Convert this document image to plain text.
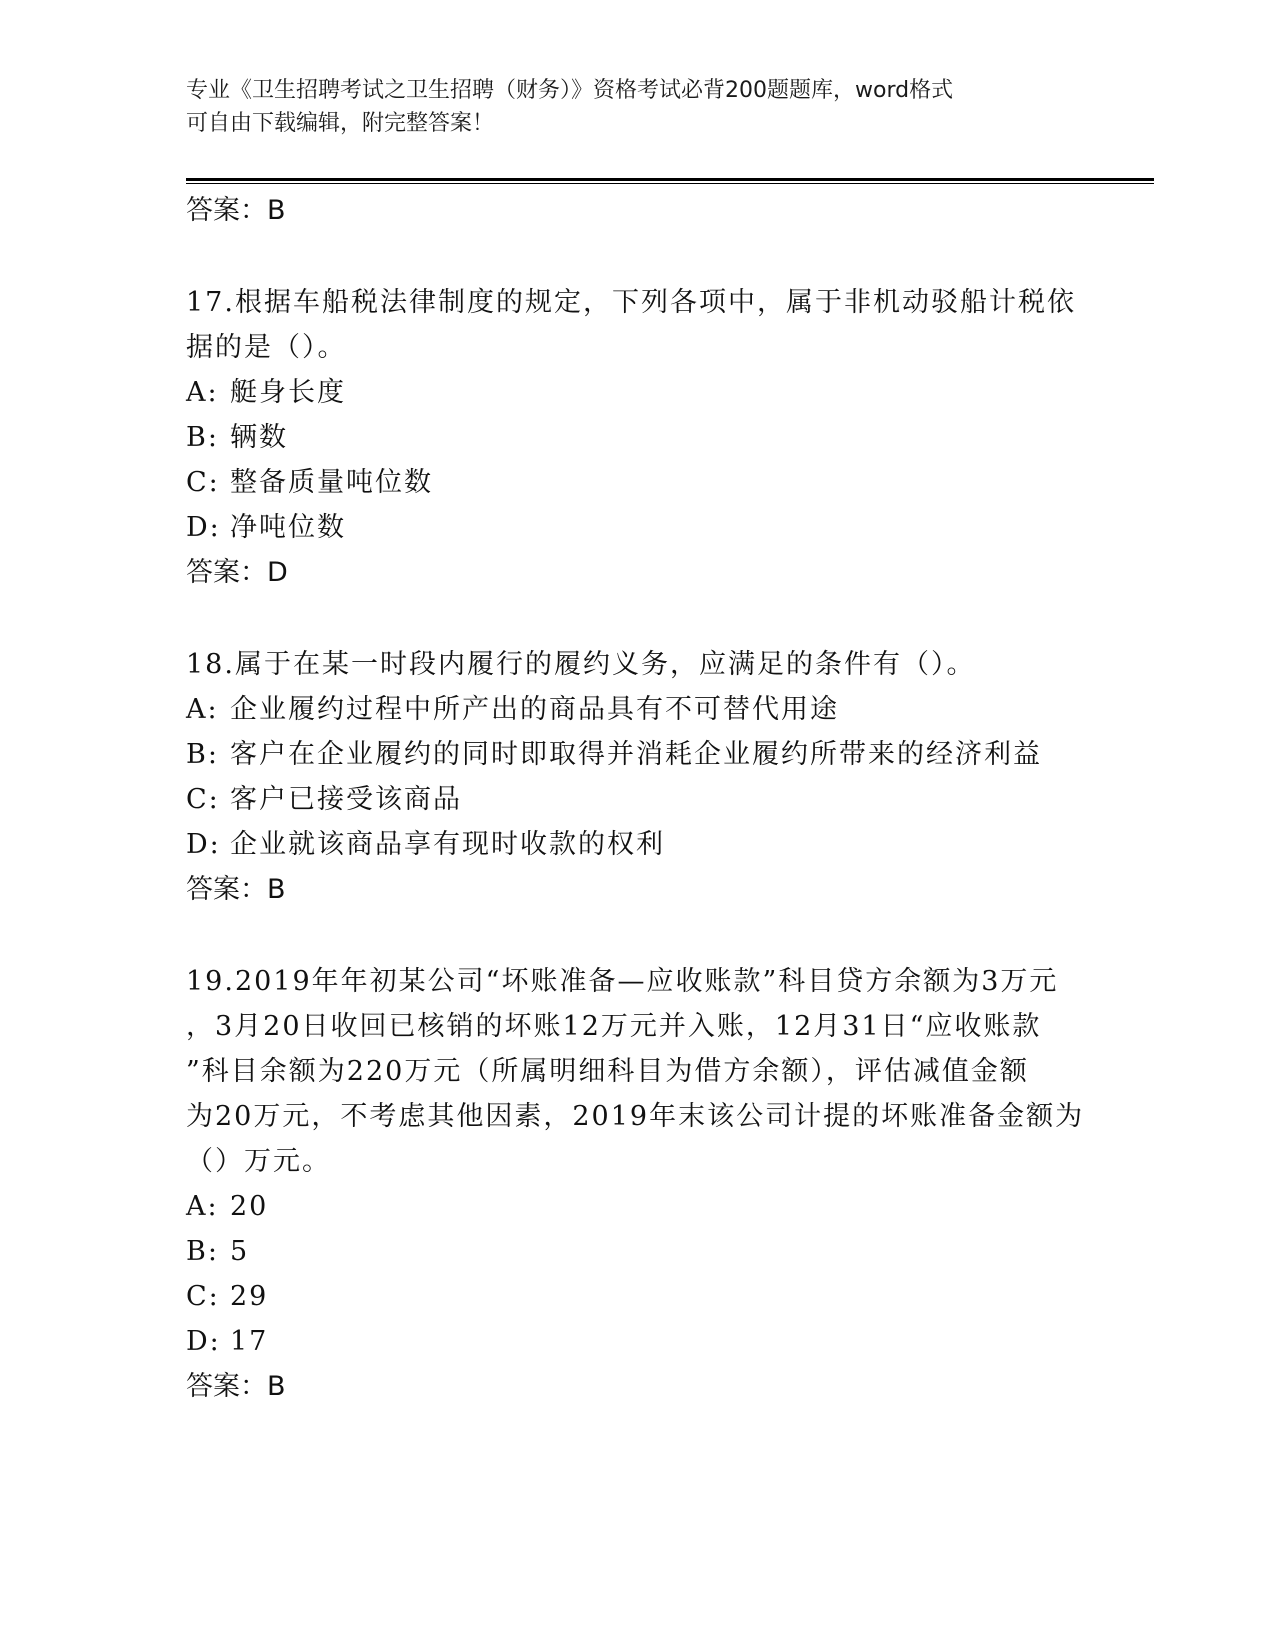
专业《卫生招聘考试之卫生招聘（财务）》资格考试必背200题题库，word格式
可自由下载编辑，附完整答案！
答案：B
17.根据车船税法律制度的规定，下列各项中，属于非机动驳船计税依
据的是（）。
A: 艇身长度
B: 辆数
C: 整备质量吨位数
D: 净吨位数
答案：D
18.属于在某一时段内履行的履约义务，应满足的条件有（）。
A: 企业履约过程中所产出的商品具有不可替代用途
B: 客户在企业履约的同时即取得并消耗企业履约所带来的经济利益
C: 客户已接受该商品
D: 企业就该商品享有现时收款的权利
答案：B
19.2019年年初某公司“坏账准备—应收账款”科目贷方余额为3万元
，3月20日收回已核销的坏账12万元并入账，12月31日“应收账款
”科目余额为220万元（所属明细科目为借方余额），评估减值金额
为20万元，不考虑其他因素，2019年末该公司计提的坏账准备金额为
（）万元。
A: 20
B: 5
C: 29
D: 17
答案：B
